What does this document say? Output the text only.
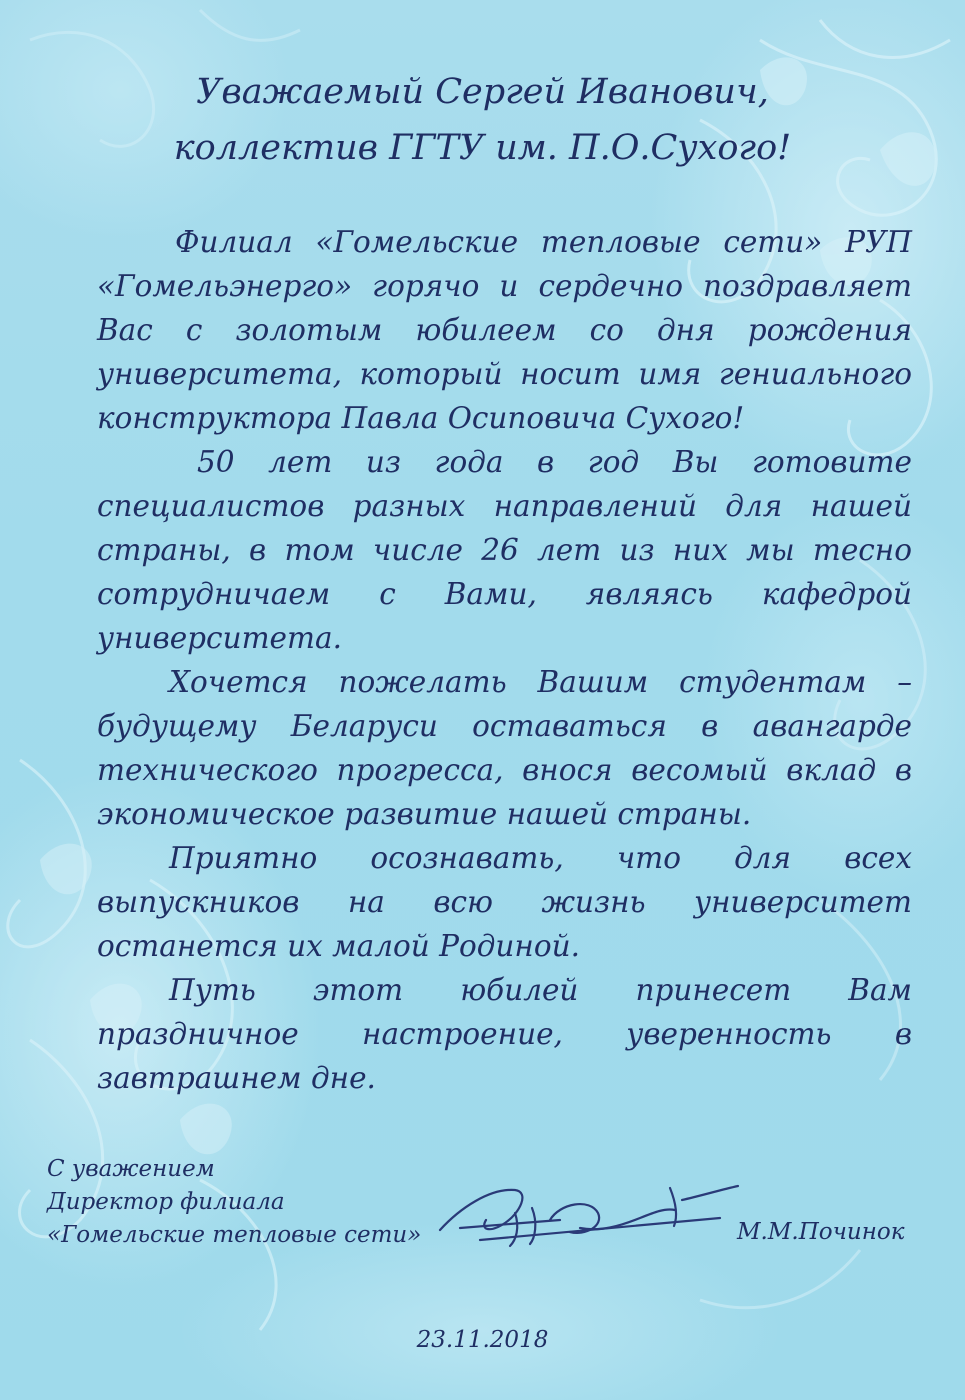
Уважаемый Сергей Иванович,
коллектив ГГТУ им. П.О.Сухого!

Филиал «Гомельские тепловые сети» РУП «Гомельэнерго» горячо и сердечно поздравляет Вас с золотым юбилеем со дня рождения университета, который носит имя гениального конструктора Павла Осиповича Сухого!

50 лет из года в год Вы готовите специалистов разных направлений для нашей страны, в том числе 26 лет из них мы тесно сотрудничаем с Вами, являясь кафедрой университета.

Хочется пожелать Вашим студентам – будущему Беларуси оставаться в авангарде технического прогресса, внося весомый вклад в экономическое развитие нашей страны.

Приятно осознавать, что для всех выпускников на всю жизнь университет останется их малой Родиной.

Путь этот юбилей принесет Вам праздничное настроение, уверенность в завтрашнем дне.

С уважением
Директор филиала
«Гомельские тепловые сети»	М.М.Починок
23.11.2018
